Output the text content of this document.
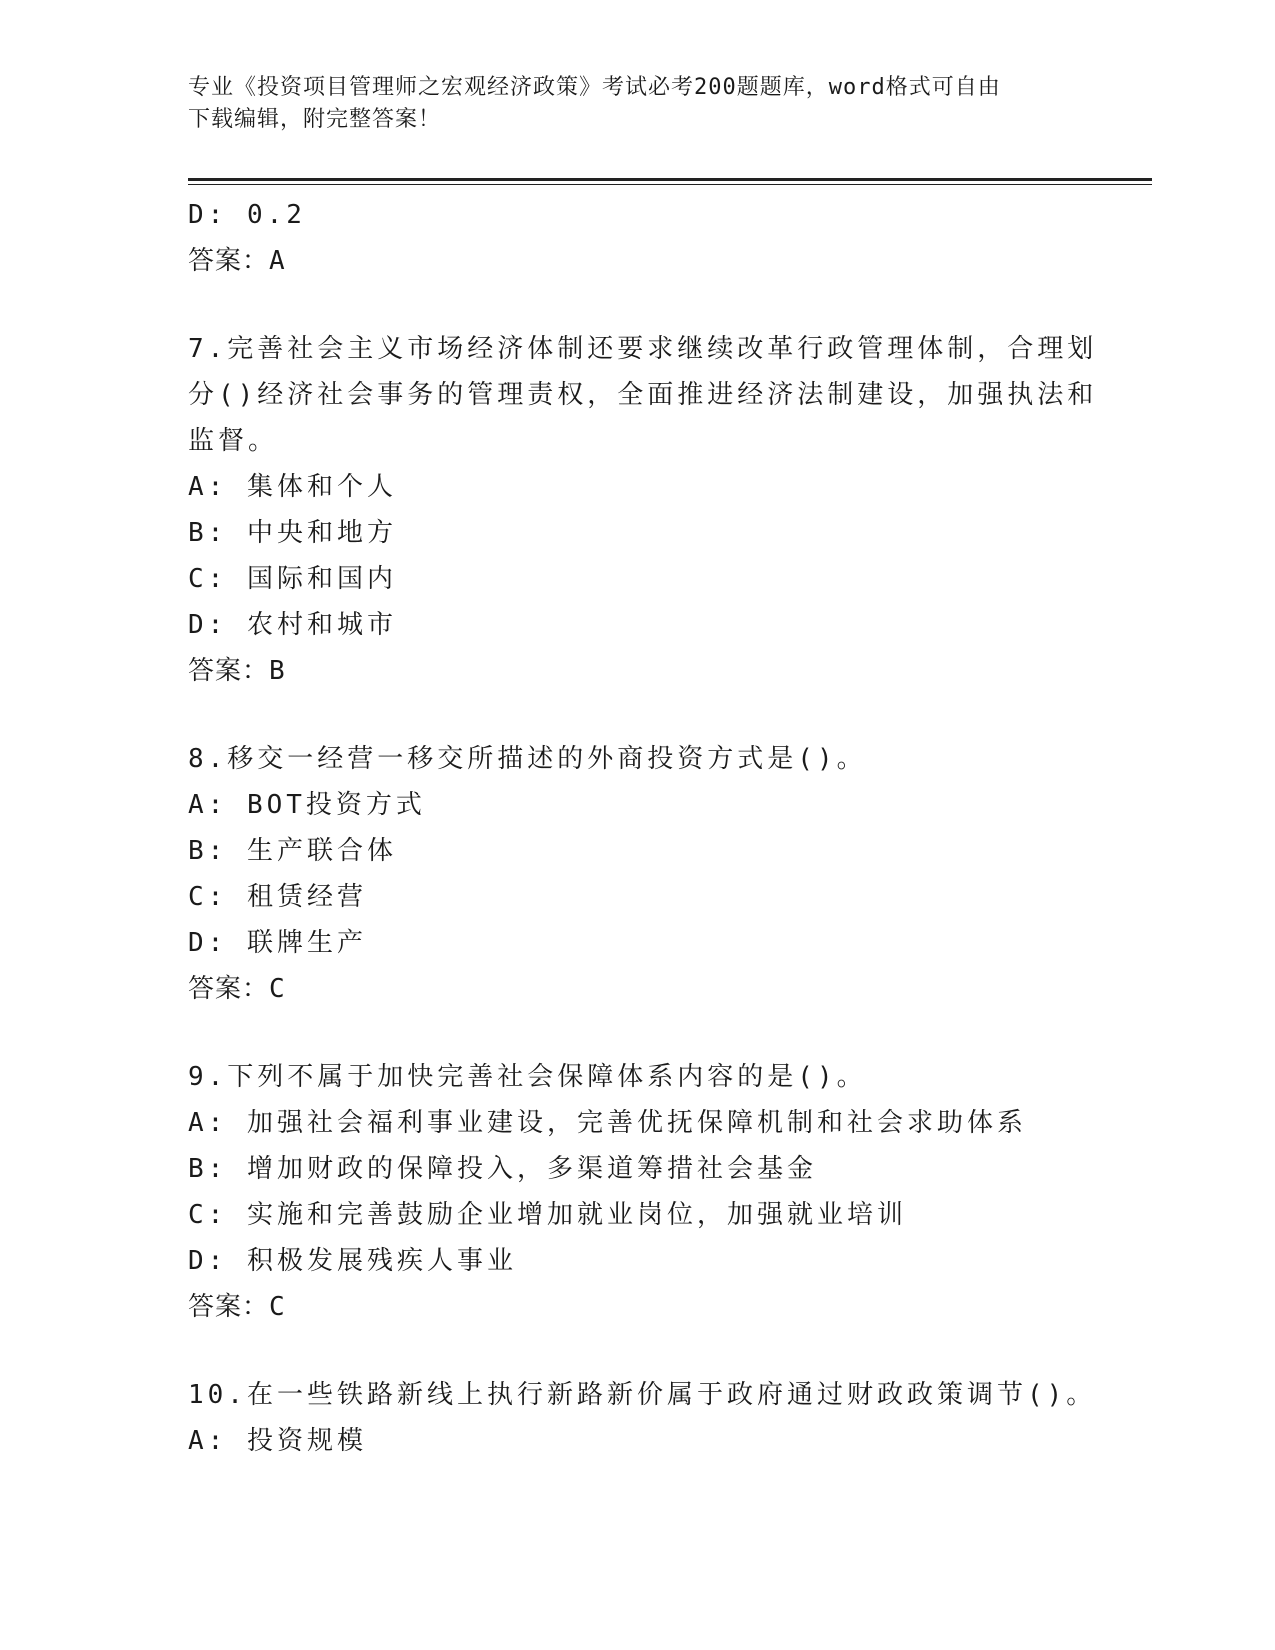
专业《投资项目管理师之宏观经济政策》考试必考200题题库，word格式可自由
下载编辑，附完整答案！

D: 0.2

答案：A

7.完善社会主义市场经济体制还要求继续改革行政管理体制，合理划

分()经济社会事务的管理责权，全面推进经济法制建设，加强执法和

监督。

A: 集体和个人

B: 中央和地方

C: 国际和国内

D: 农村和城市

答案：B

8.移交一经营一移交所描述的外商投资方式是()。

A: BOT投资方式

B: 生产联合体

C: 租赁经营

D: 联牌生产

答案：C

9.下列不属于加快完善社会保障体系内容的是()。

A: 加强社会福利事业建设，完善优抚保障机制和社会求助体系

B: 增加财政的保障投入，多渠道筹措社会基金

C: 实施和完善鼓励企业增加就业岗位，加强就业培训

D: 积极发展残疾人事业

答案：C

10.在一些铁路新线上执行新路新价属于政府通过财政政策调节()。

A: 投资规模
